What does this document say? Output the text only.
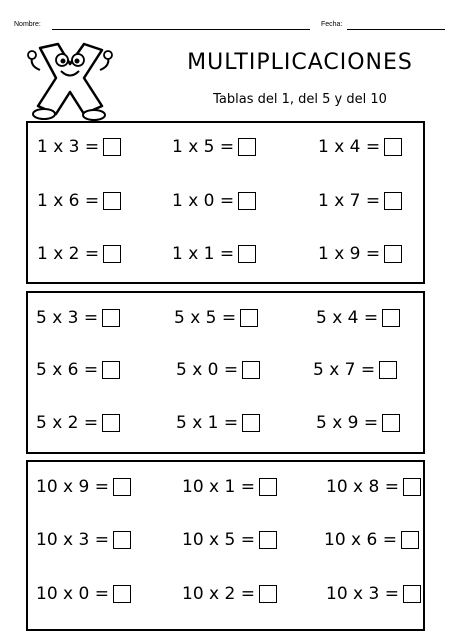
Nombre:	Fecha:
MULTIPLICACIONES
Tablas del 1, del 5 y del 10
1 x 3 =	1 x 5 =	1 x 4 =
1 x 6 =	1 x 0 =	1 x 7 =
1 x 2 =	1 x 1 =	1 x 9 =
5 x 3 =	5 x 5 =	5 x 4 =
5 x 6 =	5 x 0 =	5 x 7 =
5 x 2 =	5 x 1 =	5 x 9 =
10 x 9 =	10 x 1 =	10 x 8 =
10 x 3 =	10 x 5 =	10 x 6 =
10 x 0 =	10 x 2 =	10 x 3 =
